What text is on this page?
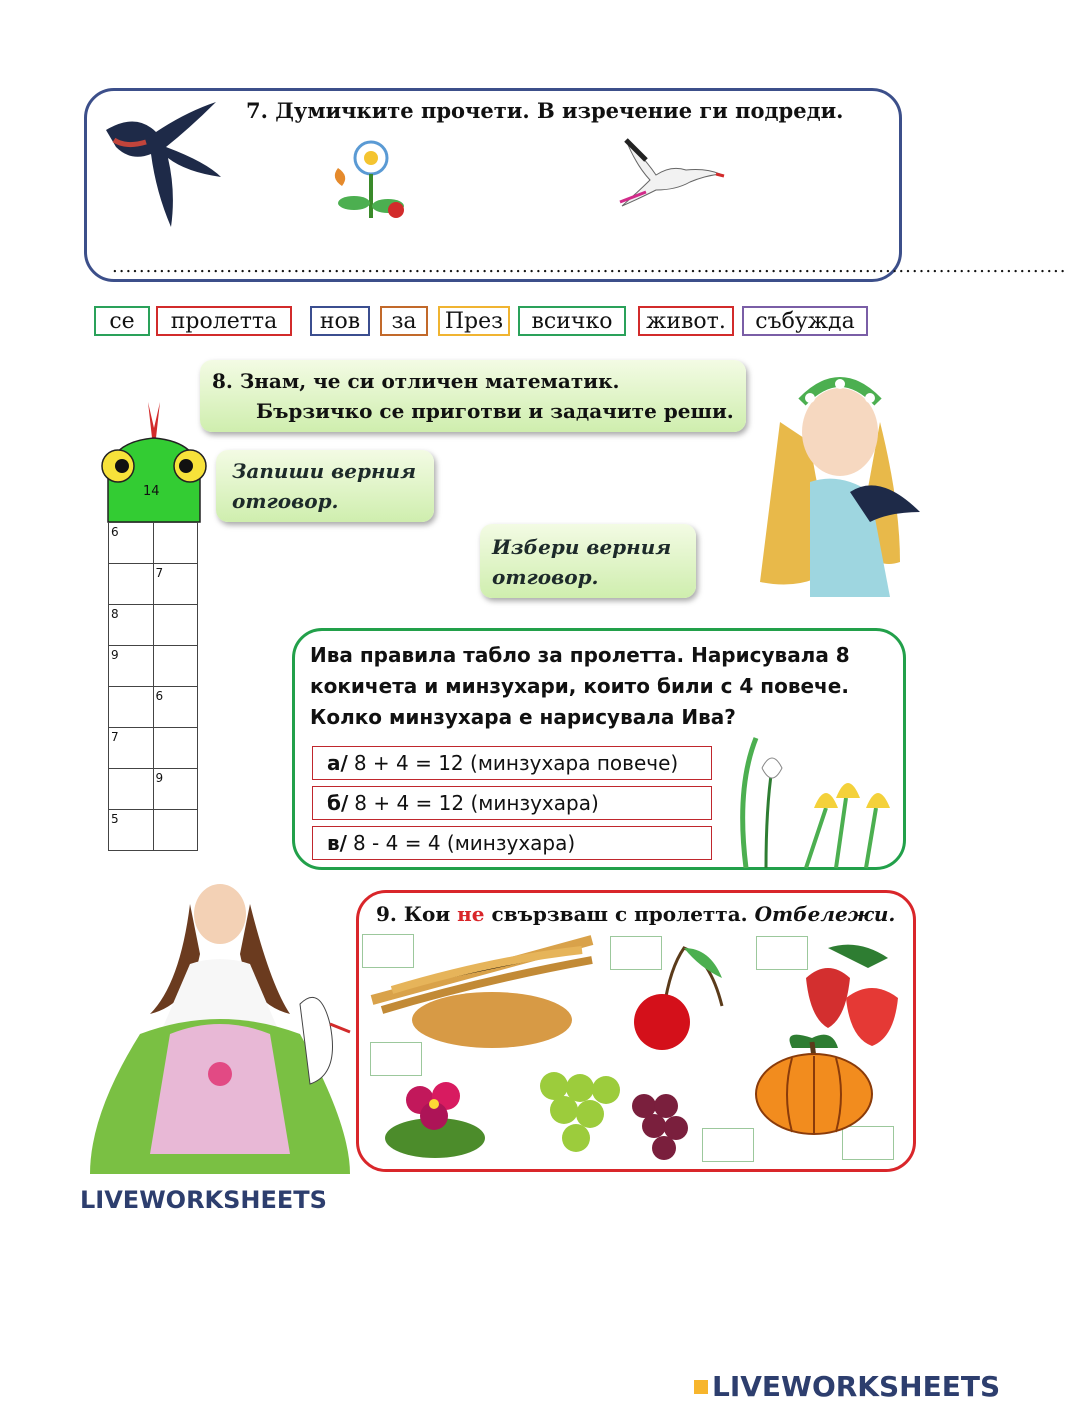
7. Думичките прочети. В изречение ги подреди.
..............................................................................................................................................
се	пролетта	нов	за	През	всичко	живот.	събужда
8. Знам, че си отличен математик.
Бързичко се приготви и задачите реши.
Запиши верния
отговор.
Избери верния
отговор.
14
6	
	7
8	
9	
	6
7	
	9
5	
Ива правила табло за пролетта. Нарисувала 8
кокичета и минзухари, които били с 4 повече.
Колко минзухара е нарисувала Ива?
а/ 8 + 4 = 12 (минзухара повече)
б/ 8 + 4 = 12 (минзухара)
в/ 8 - 4 = 4 (минзухара)
LIVEWORKSHEETS
9. Кои не свързваш с пролетта. Отбележи.
LIVEWORKSHEETS
